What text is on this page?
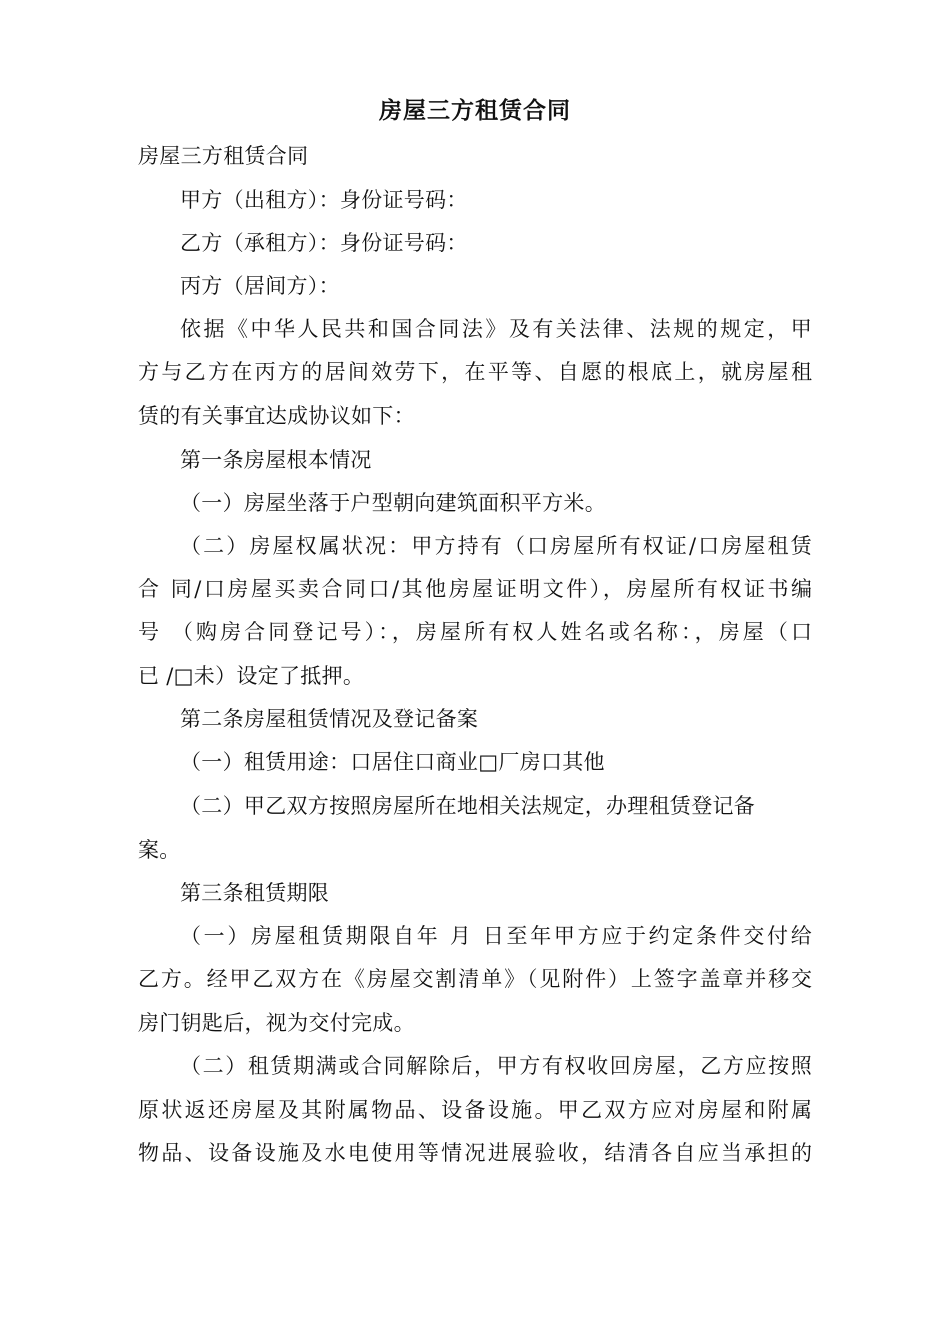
房屋三方租赁合同
房屋三方租赁合同
甲方（出租方）：身份证号码：
乙方（承租方）：身份证号码：
丙方（居间方）：
依据《中华人民共和国合同法》及有关法律、法规的规定，甲
方与乙方在丙方的居间效劳下，在平等、自愿的根底上，就房屋租
赁的有关事宜达成协议如下：
第一条房屋根本情况
（一）房屋坐落于户型朝向建筑面积平方米。
（二）房屋权属状况：甲方持有（口房屋所有权证/口房屋租赁
合 同/口房屋买卖合同口/其他房屋证明文件），房屋所有权证书编
号 （购房合同登记号）：，房屋所有权人姓名或名称：，房屋（口
已 /□未）设定了抵押。
第二条房屋租赁情况及登记备案
（一）租赁用途：口居住口商业□厂房口其他
（二）甲乙双方按照房屋所在地相关法规定，办理租赁登记备
案。
第三条租赁期限
（一）房屋租赁期限自年 月 日至年甲方应于约定条件交付给
乙方。经甲乙双方在《房屋交割清单》（见附件）上签字盖章并移交
房门钥匙后，视为交付完成。
（二）租赁期满或合同解除后，甲方有权收回房屋，乙方应按照
原状返还房屋及其附属物品、设备设施。甲乙双方应对房屋和附属
物品、设备设施及水电使用等情况进展验收，结清各自应当承担的
